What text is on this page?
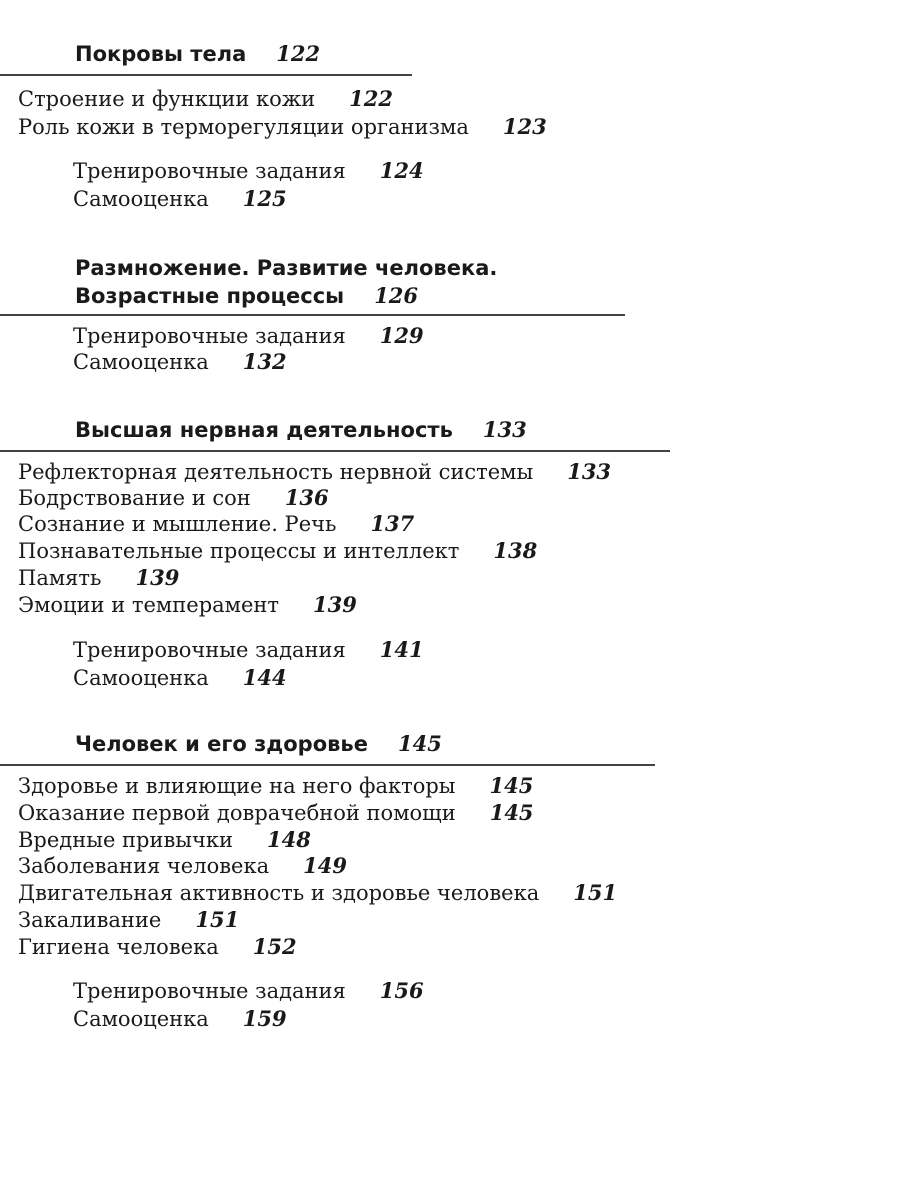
Покровы тела 122
Строение и функции кожи 122
Роль кожи в терморегуляции организма 123
Тренировочные задания 124
Самооценка 125
Размножение. Развитие человека.
Возрастные процессы 126
Тренировочные задания 129
Самооценка 132
Высшая нервная деятельность 133
Рефлекторная деятельность нервной системы 133
Бодрствование и сон 136
Сознание и мышление. Речь 137
Познавательные процессы и интеллект 138
Память 139
Эмоции и темперамент 139
Тренировочные задания 141
Самооценка 144
Человек и его здоровье 145
Здоровье и влияющие на него факторы 145
Оказание первой доврачебной помощи 145
Вредные привычки 148
Заболевания человека 149
Двигательная активность и здоровье человека 151
Закаливание 151
Гигиена человека 152
Тренировочные задания 156
Самооценка 159
